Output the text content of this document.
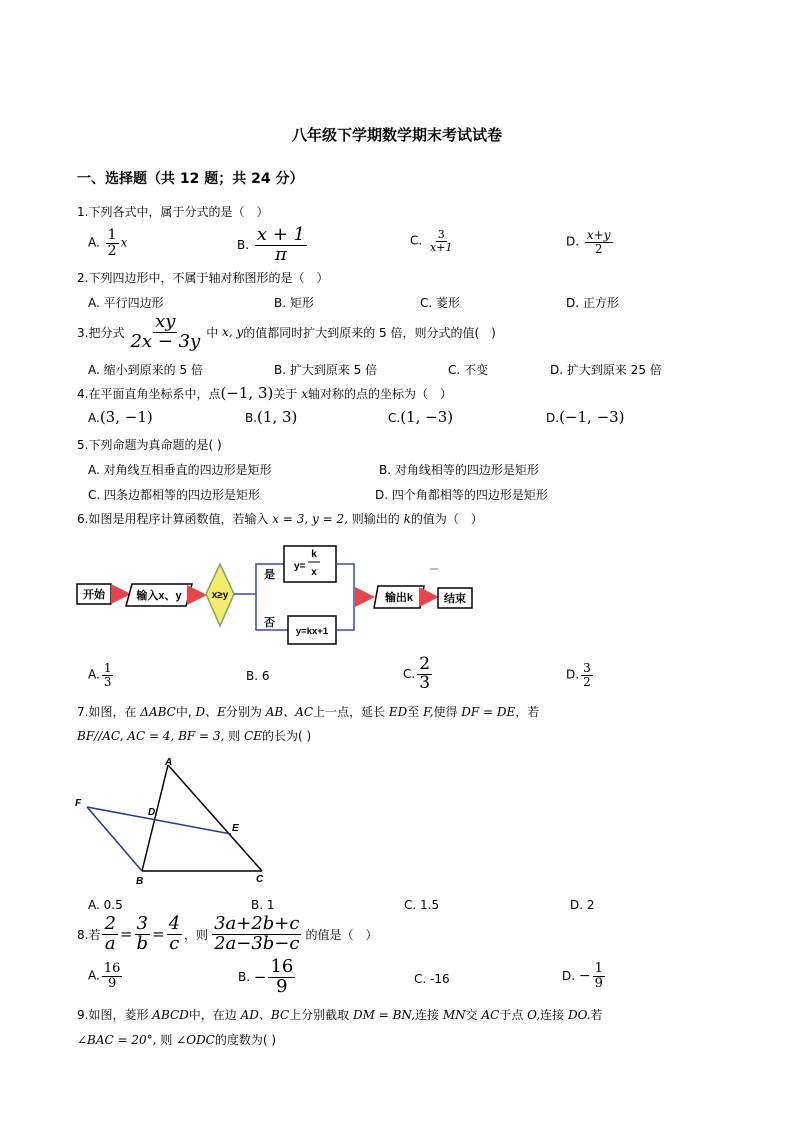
八年级下学期数学期末考试试卷
一、选择题（共 12 题；共 24 分）
1.下列各式中，属于分式的是（　）
A. $\frac{1}{2}$ x	B. $\frac{x + 1}{\pi}$	C. $\frac{3}{x+1}$	D. $\frac{x+y}{2}$
2.下列四边形中，不属于轴对称图形的是（　）
A. 平行四边形	B. 矩形	C. 菱形	D. 正方形
3.把分式 $\frac{xy}{2x - 3y}$ 中
x, y 的值都同时扩大到原来的 5 倍，则分式的值(　)
A. 缩小到原来的 5 倍	B. 扩大到原来 5 倍	C. 不变	D. 扩大到原来 25 倍
4.在平面直角坐标系中，点(−1, 3)关于 x轴对称的点的坐标为（　）
A.(3, −1)	B.(1, 3)	C.(1, −3)	D.(−1, −3)
5.下列命题为真命题的是( )
A. 对角线互相垂直的四边形是矩形	B. 对角线相等的四边形是矩形
C. 四条边都相等的四边形是矩形	D. 四个角都相等的四边形是矩形
6.如图是用程序计算函数值，若输入 x = 3, y = 2, 则输出的 k的值为（　）
开始	输入x、y	x≥y
是
否
y=
k
x
y=kx+1
输出k	结束
A. $\frac{1}{3}$	B. 6	C. $\frac{2}{3}$	D. $\frac{3}{2}$
7.如图，在 ΔABC中, D、E分别为 AB、AC上一点，延长 ED至 F,使得 DF = DE，若
BF//AC, AC = 4, BF = 3, 则 CE的长为( )
A
B	C
D
E
F
A. 0.5	B. 1	C. 1.5	D. 2
8.若 $\frac{2}{a} = \frac{3}{b} = \frac{4}{c}$ ，则 $\frac{3a+2b+c}{2a-3b-c}$ 的值是（　）
A. $\frac{16}{9}$	B.
− $\frac{16}{9}$	C. -16	D.
− $\frac{1}{9}$
9.如图，菱形 ABCD中，在边 AD、BC上分别截取 DM = BN,连接 MN交 AC于点 O,连接 DO.若
∠BAC = 20°, 则 ∠ODC的度数为( )
